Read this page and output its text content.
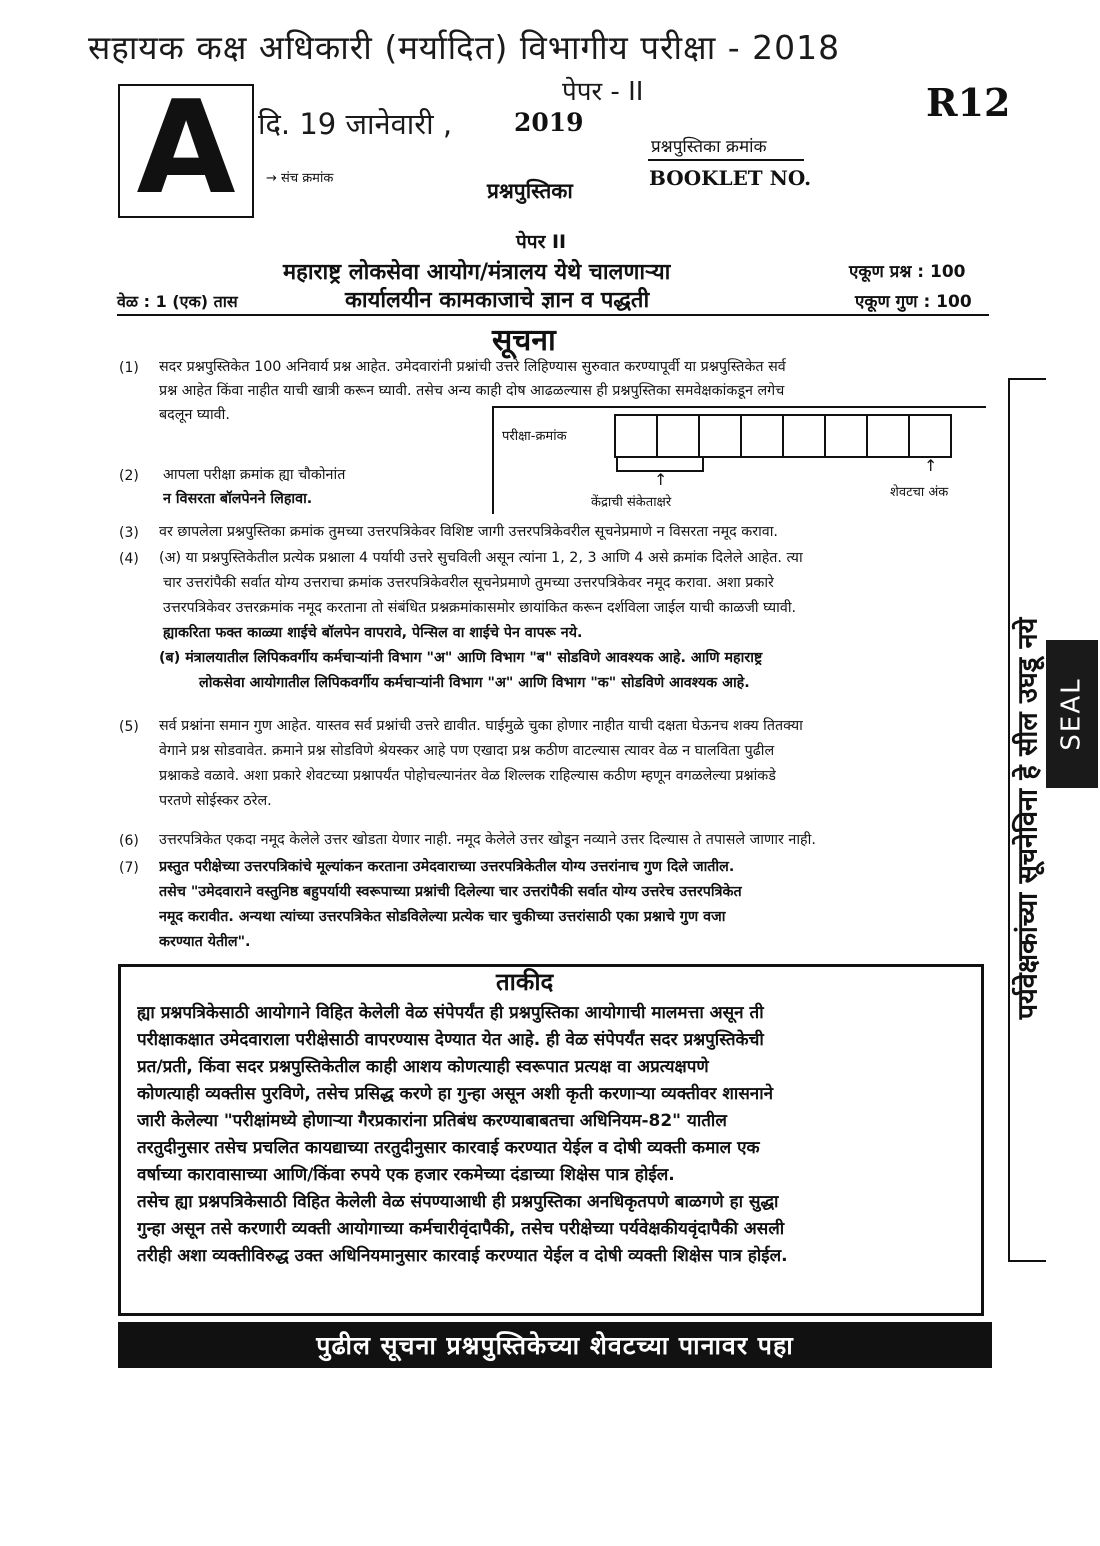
सहायक कक्ष अधिकारी (मर्यादित) विभागीय परीक्षा - 2018
पेपर - II
A दि. 19 जानेवारी , 2019	R12
प्रश्नपुस्तिका क्रमांक
BOOKLET NO.
→ संच क्रमांक
प्रश्नपुस्तिका
पेपर II
महाराष्ट्र लोकसेवा आयोग/मंत्रालय येथे चालणाऱ्या
कार्यालयीन कामकाजाचे ज्ञान व पद्धती
वेळ : 1 (एक) तास
एकूण प्रश्न : 100
एकूण गुण : 100
सूचना
(1) सदर प्रश्नपुस्तिकेत 100 अनिवार्य प्रश्न आहेत. उमेदवारांनी प्रश्नांची उत्तरे लिहिण्यास सुरुवात करण्यापूर्वी या प्रश्नपुस्तिकेत सर्व
प्रश्न आहेत किंवा नाहीत याची खात्री करून घ्यावी. तसेच अन्य काही दोष आढळल्यास ही प्रश्नपुस्तिका समवेक्षकांकडून लगेच
बदलून घ्यावी.
परीक्षा-क्रमांक
↑
↑
केंद्राची संकेताक्षरे
शेवटचा अंक
(2) आपला परीक्षा क्रमांक ह्या चौकोनांत
न विसरता बॉलपेनने लिहावा.
(3) वर छापलेला प्रश्नपुस्तिका क्रमांक तुमच्या उत्तरपत्रिकेवर विशिष्ट जागी उत्तरपत्रिकेवरील सूचनेप्रमाणे न विसरता नमूद करावा.
(4) (अ) या प्रश्नपुस्तिकेतील प्रत्येक प्रश्नाला 4 पर्यायी उत्तरे सुचविली असून त्यांना 1, 2, 3 आणि 4 असे क्रमांक दिलेले आहेत. त्या
चार उत्तरांपैकी सर्वात योग्य उत्तराचा क्रमांक उत्तरपत्रिकेवरील सूचनेप्रमाणे तुमच्या उत्तरपत्रिकेवर नमूद करावा. अशा प्रकारे
उत्तरपत्रिकेवर उत्तरक्रमांक नमूद करताना तो संबंधित प्रश्नक्रमांकासमोर छायांकित करून दर्शविला जाईल याची काळजी घ्यावी.
ह्याकरिता फक्त काळ्या शाईचे बॉलपेन वापरावे, पेन्सिल वा शाईचे पेन वापरू नये.
(ब) मंत्रालयातील लिपिकवर्गीय कर्मचाऱ्यांनी विभाग "अ" आणि विभाग "ब" सोडविणे आवश्यक आहे. आणि महाराष्ट्र
लोकसेवा आयोगातील लिपिकवर्गीय कर्मचाऱ्यांनी विभाग "अ" आणि विभाग "क" सोडविणे आवश्यक आहे.
(5) सर्व प्रश्नांना समान गुण आहेत. यास्तव सर्व प्रश्नांची उत्तरे द्यावीत. घाईमुळे चुका होणार नाहीत याची दक्षता घेऊनच शक्य तितक्या
वेगाने प्रश्न सोडवावेत. क्रमाने प्रश्न सोडविणे श्रेयस्कर आहे पण एखादा प्रश्न कठीण वाटल्यास त्यावर वेळ न घालविता पुढील
प्रश्नाकडे वळावे. अशा प्रकारे शेवटच्या प्रश्नापर्यंत पोहोचल्यानंतर वेळ शिल्लक राहिल्यास कठीण म्हणून वगळलेल्या प्रश्नांकडे
परतणे सोईस्कर ठरेल.
(6) उत्तरपत्रिकेत एकदा नमूद केलेले उत्तर खोडता येणार नाही. नमूद केलेले उत्तर खोडून नव्याने उत्तर दिल्यास ते तपासले जाणार नाही.
(7) प्रस्तुत परीक्षेच्या उत्तरपत्रिकांचे मूल्यांकन करताना उमेदवाराच्या उत्तरपत्रिकेतील योग्य उत्तरांनाच गुण दिले जातील.
तसेच "उमेदवाराने वस्तुनिष्ठ बहुपर्यायी स्वरूपाच्या प्रश्नांची दिलेल्या चार उत्तरांपैकी सर्वात योग्य उत्तरेच उत्तरपत्रिकेत
नमूद करावीत. अन्यथा त्यांच्या उत्तरपत्रिकेत सोडविलेल्या प्रत्येक चार चुकीच्या उत्तरांसाठी एका प्रश्नाचे गुण वजा
करण्यात येतील".	पर्यवेक्षकांच्या सूचनेविना हे सील उघडू नये SEAL
ताकीद
ह्या प्रश्नपत्रिकेसाठी आयोगाने विहित केलेली वेळ संपेपर्यंत ही प्रश्नपुस्तिका आयोगाची मालमत्ता असून ती
परीक्षाकक्षात उमेदवाराला परीक्षेसाठी वापरण्यास देण्यात येत आहे. ही वेळ संपेपर्यंत सदर प्रश्नपुस्तिकेची
प्रत/प्रती, किंवा सदर प्रश्नपुस्तिकेतील काही आशय कोणत्याही स्वरूपात प्रत्यक्ष वा अप्रत्यक्षपणे
कोणत्याही व्यक्तीस पुरविणे, तसेच प्रसिद्ध करणे हा गुन्हा असून अशी कृती करणाऱ्या व्यक्तीवर शासनाने
जारी केलेल्या "परीक्षांमध्ये होणाऱ्या गैरप्रकारांना प्रतिबंध करण्याबाबतचा अधिनियम-82" यातील
तरतुदीनुसार तसेच प्रचलित कायद्याच्या तरतुदीनुसार कारवाई करण्यात येईल व दोषी व्यक्ती कमाल एक
वर्षाच्या कारावासाच्या आणि/किंवा रुपये एक हजार रकमेच्या दंडाच्या शिक्षेस पात्र होईल.
तसेच ह्या प्रश्नपत्रिकेसाठी विहित केलेली वेळ संपण्याआधी ही प्रश्नपुस्तिका अनधिकृतपणे बाळगणे हा सुद्धा
गुन्हा असून तसे करणारी व्यक्ती आयोगाच्या कर्मचारीवृंदापैकी, तसेच परीक्षेच्या पर्यवेक्षकीयवृंदापैकी असली
तरीही अशा व्यक्तीविरुद्ध उक्त अधिनियमानुसार कारवाई करण्यात येईल व दोषी व्यक्ती शिक्षेस पात्र होईल.
पुढील सूचना प्रश्नपुस्तिकेच्या शेवटच्या पानावर पहा
